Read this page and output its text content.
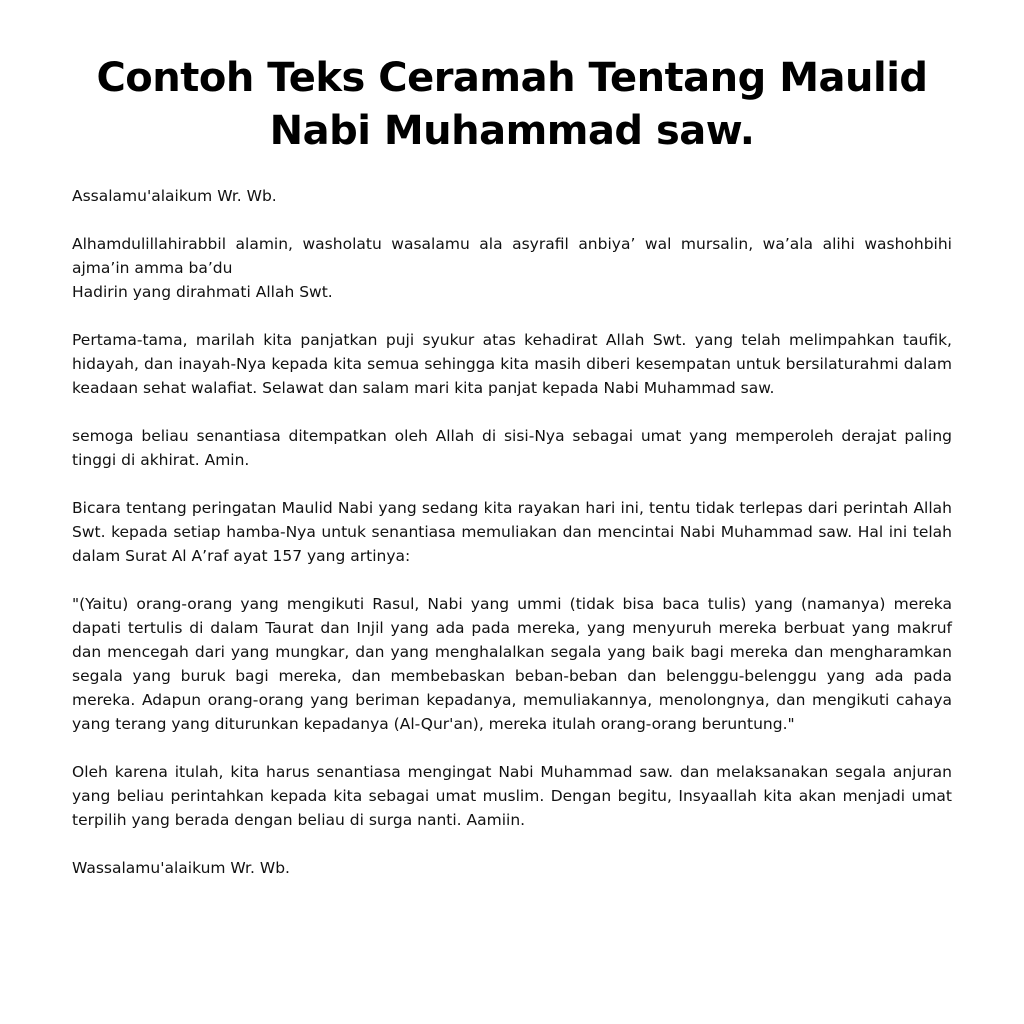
Contoh Teks Ceramah Tentang Maulid Nabi Muhammad saw.

Assalamu'alaikum Wr. Wb.

Alhamdulillahirabbil alamin, washolatu wasalamu ala asyrafil anbiya’ wal mursalin, wa’ala alihi washohbihi ajma’in amma ba’du
Hadirin yang dirahmati Allah Swt.

Pertama-tama, marilah kita panjatkan puji syukur atas kehadirat Allah Swt. yang telah melimpahkan taufik, hidayah, dan inayah-Nya kepada kita semua sehingga kita masih diberi kesempatan untuk bersilaturahmi dalam keadaan sehat walafiat. Selawat dan salam mari kita panjat kepada Nabi Muhammad saw.

semoga beliau senantiasa ditempatkan oleh Allah di sisi-Nya sebagai umat yang memperoleh derajat paling tinggi di akhirat. Amin.

Bicara tentang peringatan Maulid Nabi yang sedang kita rayakan hari ini, tentu tidak terlepas dari perintah Allah Swt. kepada setiap hamba-Nya untuk senantiasa memuliakan dan mencintai Nabi Muhammad saw. Hal ini telah dalam Surat Al A’raf ayat 157 yang artinya:

"(Yaitu) orang-orang yang mengikuti Rasul, Nabi yang ummi (tidak bisa baca tulis) yang (namanya) mereka dapati tertulis di dalam Taurat dan Injil yang ada pada mereka, yang menyuruh mereka berbuat yang makruf dan mencegah dari yang mungkar, dan yang menghalalkan segala yang baik bagi mereka dan mengharamkan segala yang buruk bagi mereka, dan membebaskan beban-beban dan belenggu-belenggu yang ada pada mereka. Adapun orang-orang yang beriman kepadanya, memuliakannya, menolongnya, dan mengikuti cahaya yang terang yang diturunkan kepadanya (Al-Qur'an), mereka itulah orang-orang beruntung."

Oleh karena itulah, kita harus senantiasa mengingat Nabi Muhammad saw. dan melaksanakan segala anjuran yang beliau perintahkan kepada kita sebagai umat muslim. Dengan begitu, Insyaallah kita akan menjadi umat terpilih yang berada dengan beliau di surga nanti. Aamiin.

Wassalamu'alaikum Wr. Wb.
